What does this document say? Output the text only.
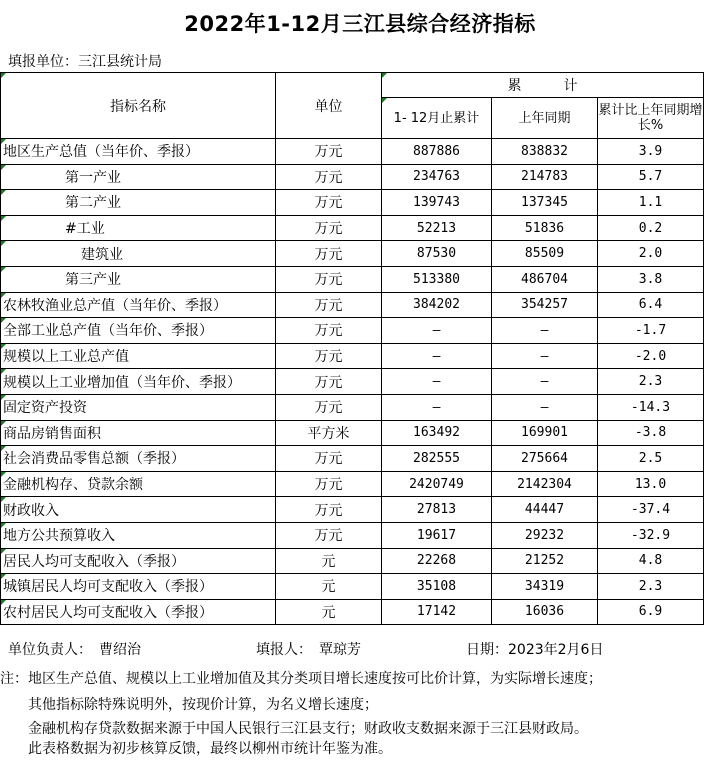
2022年1-12月三江县综合经济指标
填报单位：三江县统计局
指标名称	单位	累　　　计		
		1- 12月止累计	上年同期	累计比上年同期增长%
地区生产总值（当年价、季报）	万元	887886	838832	3.9
第一产业	万元	234763	214783	5.7
第二产业	万元	139743	137345	1.1
#工业	万元	52213	51836	0.2
建筑业	万元	87530	85509	2.0
第三产业	万元	513380	486704	3.8
农林牧渔业总产值（当年价、季报）	万元	384202	354257	6.4
全部工业总产值（当年价、季报）	万元	—	—	-1.7
规模以上工业总产值	万元	—	—	-2.0
规模以上工业增加值（当年价、季报）	万元	—	—	2.3
固定资产投资	万元	—	—	-14.3
商品房销售面积	平方米	163492	169901	-3.8
社会消费品零售总额（季报）	万元	282555	275664	2.5
金融机构存、贷款余额	万元	2420749	2142304	13.0
财政收入	万元	27813	44447	-37.4
地方公共预算收入	万元	19617	29232	-32.9
居民人均可支配收入（季报）	元	22268	21252	4.8
城镇居民人均可支配收入（季报）	元	35108	34319	2.3
农村居民人均可支配收入（季报）	元	17142	16036	6.9
单位负责人：　曹绍治	填报人：　覃琼芳	日期：2023年2月6日
注：地区生产总值、规模以上工业增加值及其分类项目增长速度按可比价计算，为实际增长速度；
　　其他指标除特殊说明外，按现价计算，为名义增长速度；
　　金融机构存贷款数据来源于中国人民银行三江县支行；财政收支数据来源于三江县财政局。
　　此表格数据为初步核算反馈，最终以柳州市统计年鉴为准。
